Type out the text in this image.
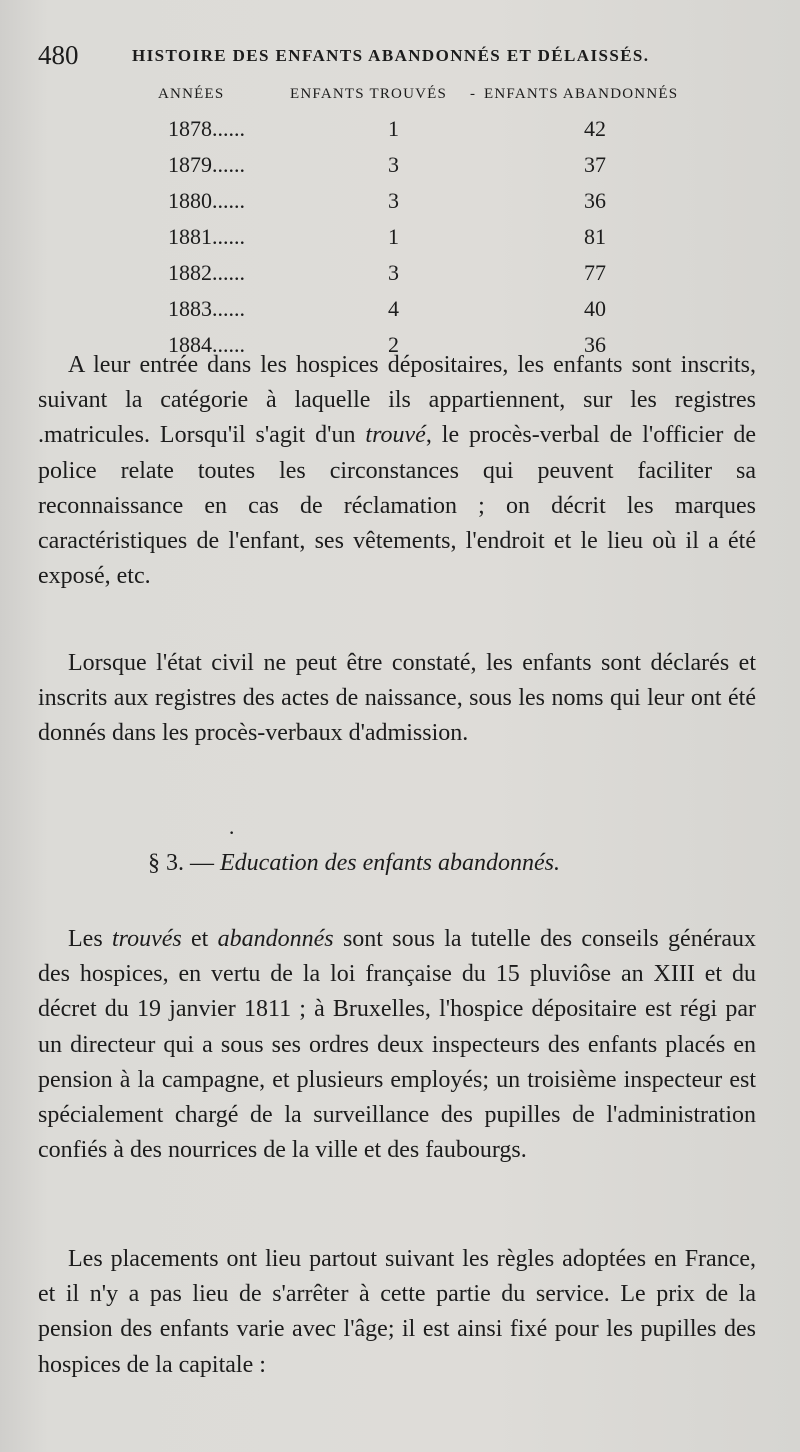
480	HISTOIRE DES ENFANTS ABANDONNÉS ET DÉLAISSÉS.
ANNÉES	ENFANTS TROUVÉS - ENFANTS ABANDONNÉS
1878......	1	42
1879......	3	37
1880......	3	36
1881......	1	81
1882......	3	77
1883......	4	40
1884......	2	36

A leur entrée dans les hospices dépositaires, les enfants sont inscrits, suivant la catégorie à laquelle ils appartiennent, sur les registres .matricules. Lorsqu'il s'agit d'un trouvé, le procès-verbal de l'officier de police relate toutes les circonstances qui peuvent faciliter sa reconnaissance en cas de réclamation ; on décrit les marques caractéristiques de l'enfant, ses vêtements, l'endroit et le lieu où il a été exposé, etc.

Lorsque l'état civil ne peut être constaté, les enfants sont déclarés et inscrits aux registres des actes de naissance, sous les noms qui leur ont été donnés dans les procès-verbaux d'admission.

·
§ 3. — Education des enfants abandonnés.

Les trouvés et abandonnés sont sous la tutelle des conseils généraux des hospices, en vertu de la loi française du 15 pluviôse an XIII et du décret du 19 janvier 1811 ; à Bruxelles, l'hospice dépositaire est régi par un directeur qui a sous ses ordres deux inspecteurs des enfants placés en pension à la campagne, et plusieurs employés; un troisième inspecteur est spécialement chargé de la surveillance des pupilles de l'administration confiés à des nourrices de la ville et des faubourgs.

Les placements ont lieu partout suivant les règles adoptées en France, et il n'y a pas lieu de s'arrêter à cette partie du service. Le prix de la pension des enfants varie avec l'âge; il est ainsi fixé pour les pupilles des hospices de la capitale :
